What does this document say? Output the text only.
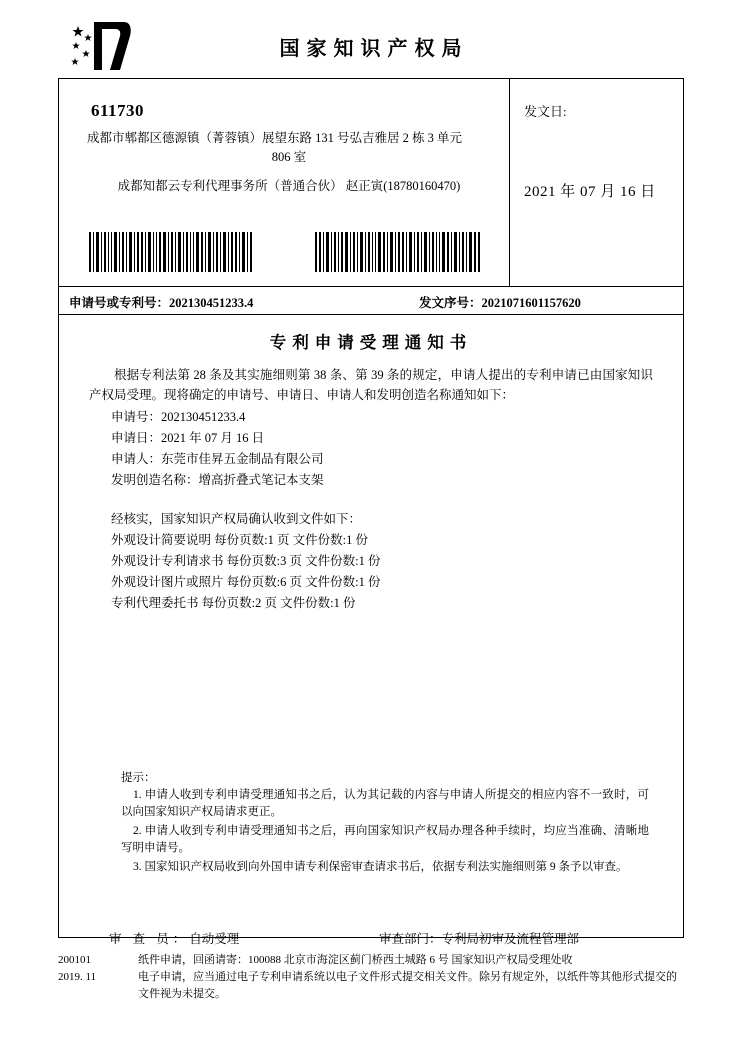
国家知识产权局
611730
成都市郫都区德源镇（菁蓉镇）展望东路 131 号弘吉雅居 2 栋 3 单元
806 室
成都知都云专利代理事务所（普通合伙） 赵正寅(18780160470)
发文日:
2021 年 07 月 16 日
申请号或专利号：202130451233.4	发文序号：2021071601157620
专利申请受理通知书
根据专利法第 28 条及其实施细则第 38 条、第 39 条的规定，申请人提出的专利申请已由国家知识产权局受理。现将确定的申请号、申请日、申请人和发明创造名称通知如下：
申请号：202130451233.4
申请日：2021 年 07 月 16 日
申请人：东莞市佳昇五金制品有限公司
发明创造名称：增高折叠式笔记本支架
经核实，国家知识产权局确认收到文件如下：
外观设计简要说明 每份页数:1 页 文件份数:1 份
外观设计专利请求书 每份页数:3 页 文件份数:1 份
外观设计图片或照片 每份页数:6 页 文件份数:1 份
专利代理委托书 每份页数:2 页 文件份数:1 份
提示：
1. 申请人收到专利申请受理通知书之后，认为其记载的内容与申请人所提交的相应内容不一致时，可以向国家知识产权局请求更正。
2. 申请人收到专利申请受理通知书之后，再向国家知识产权局办理各种手续时，均应当准确、清晰地写明申请号。
3. 国家知识产权局收到向外国申请专利保密审查请求书后，依据专利法实施细则第 9 条予以审查。
审 查 员：自动受理	审查部门：专利局初审及流程管理部
200101
2019. 11
纸件申请，回函请寄：100088 北京市海淀区蓟门桥西土城路 6 号 国家知识产权局受理处收
电子申请，应当通过电子专利申请系统以电子文件形式提交相关文件。除另有规定外，以纸件等其他形式提交的
文件视为未提交。
